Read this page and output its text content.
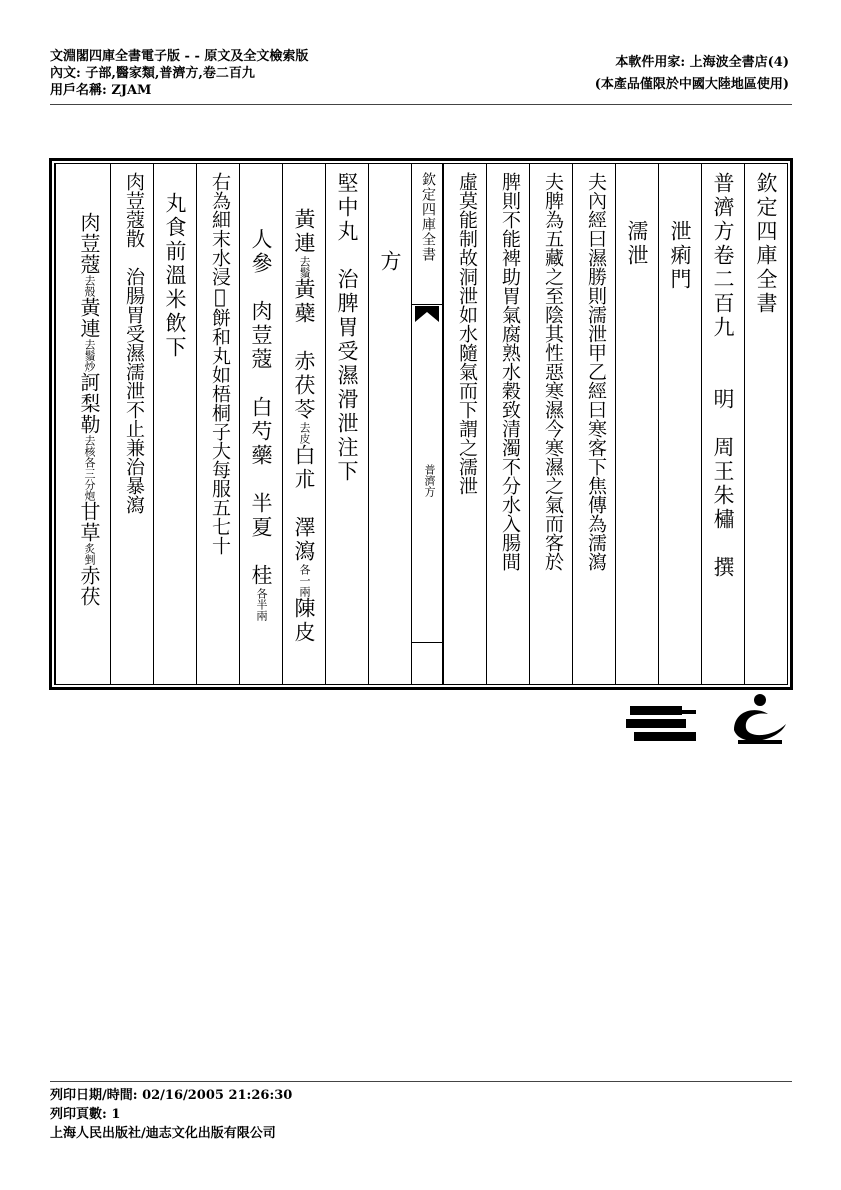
文淵閣四庫全書電子版 - - 原文及全文檢索版
內文: 子部,醫家類,普濟方,卷二百九
用戶名稱: ZJAM
本軟件用家: 上海波全書店(4)
(本產品僅限於中國大陸地區使用)
欽定四庫全書
普濟方卷二百九　　明　周王朱橚　撰
泄痢門
濡泄
夫內經曰濕勝則濡泄甲乙經曰寒客下焦傳為濡瀉
夫脾為五藏之至陰其性惡寒濕今寒濕之氣而客於
脾則不能裨助胃氣腐熟水穀致清濁不分水入腸間
虛莫能制故洞泄如水隨氣而下謂之濡泄
欽定四庫全書
普濟方
方
堅中丸　治脾胃受濕滑泄注下
黃連去鬚黃蘗　赤茯苓去皮白朮　澤瀉各一兩陳皮
人參　肉荳蔻　白芍藥　半夏　桂各半兩
右為細末水浸𥺌餅和丸如梧桐子大每服五七十
丸食前溫米飲下
肉荳蔻散　治腸胃受濕濡泄不止兼治暴瀉
肉荳蔻去殼黃連去鬚炒訶梨勒去核各三分炮甘草炙剉赤茯
列印日期/時間: 02/16/2005 21:26:30
列印頁數: 1
上海人民出版社/迪志文化出版有限公司
